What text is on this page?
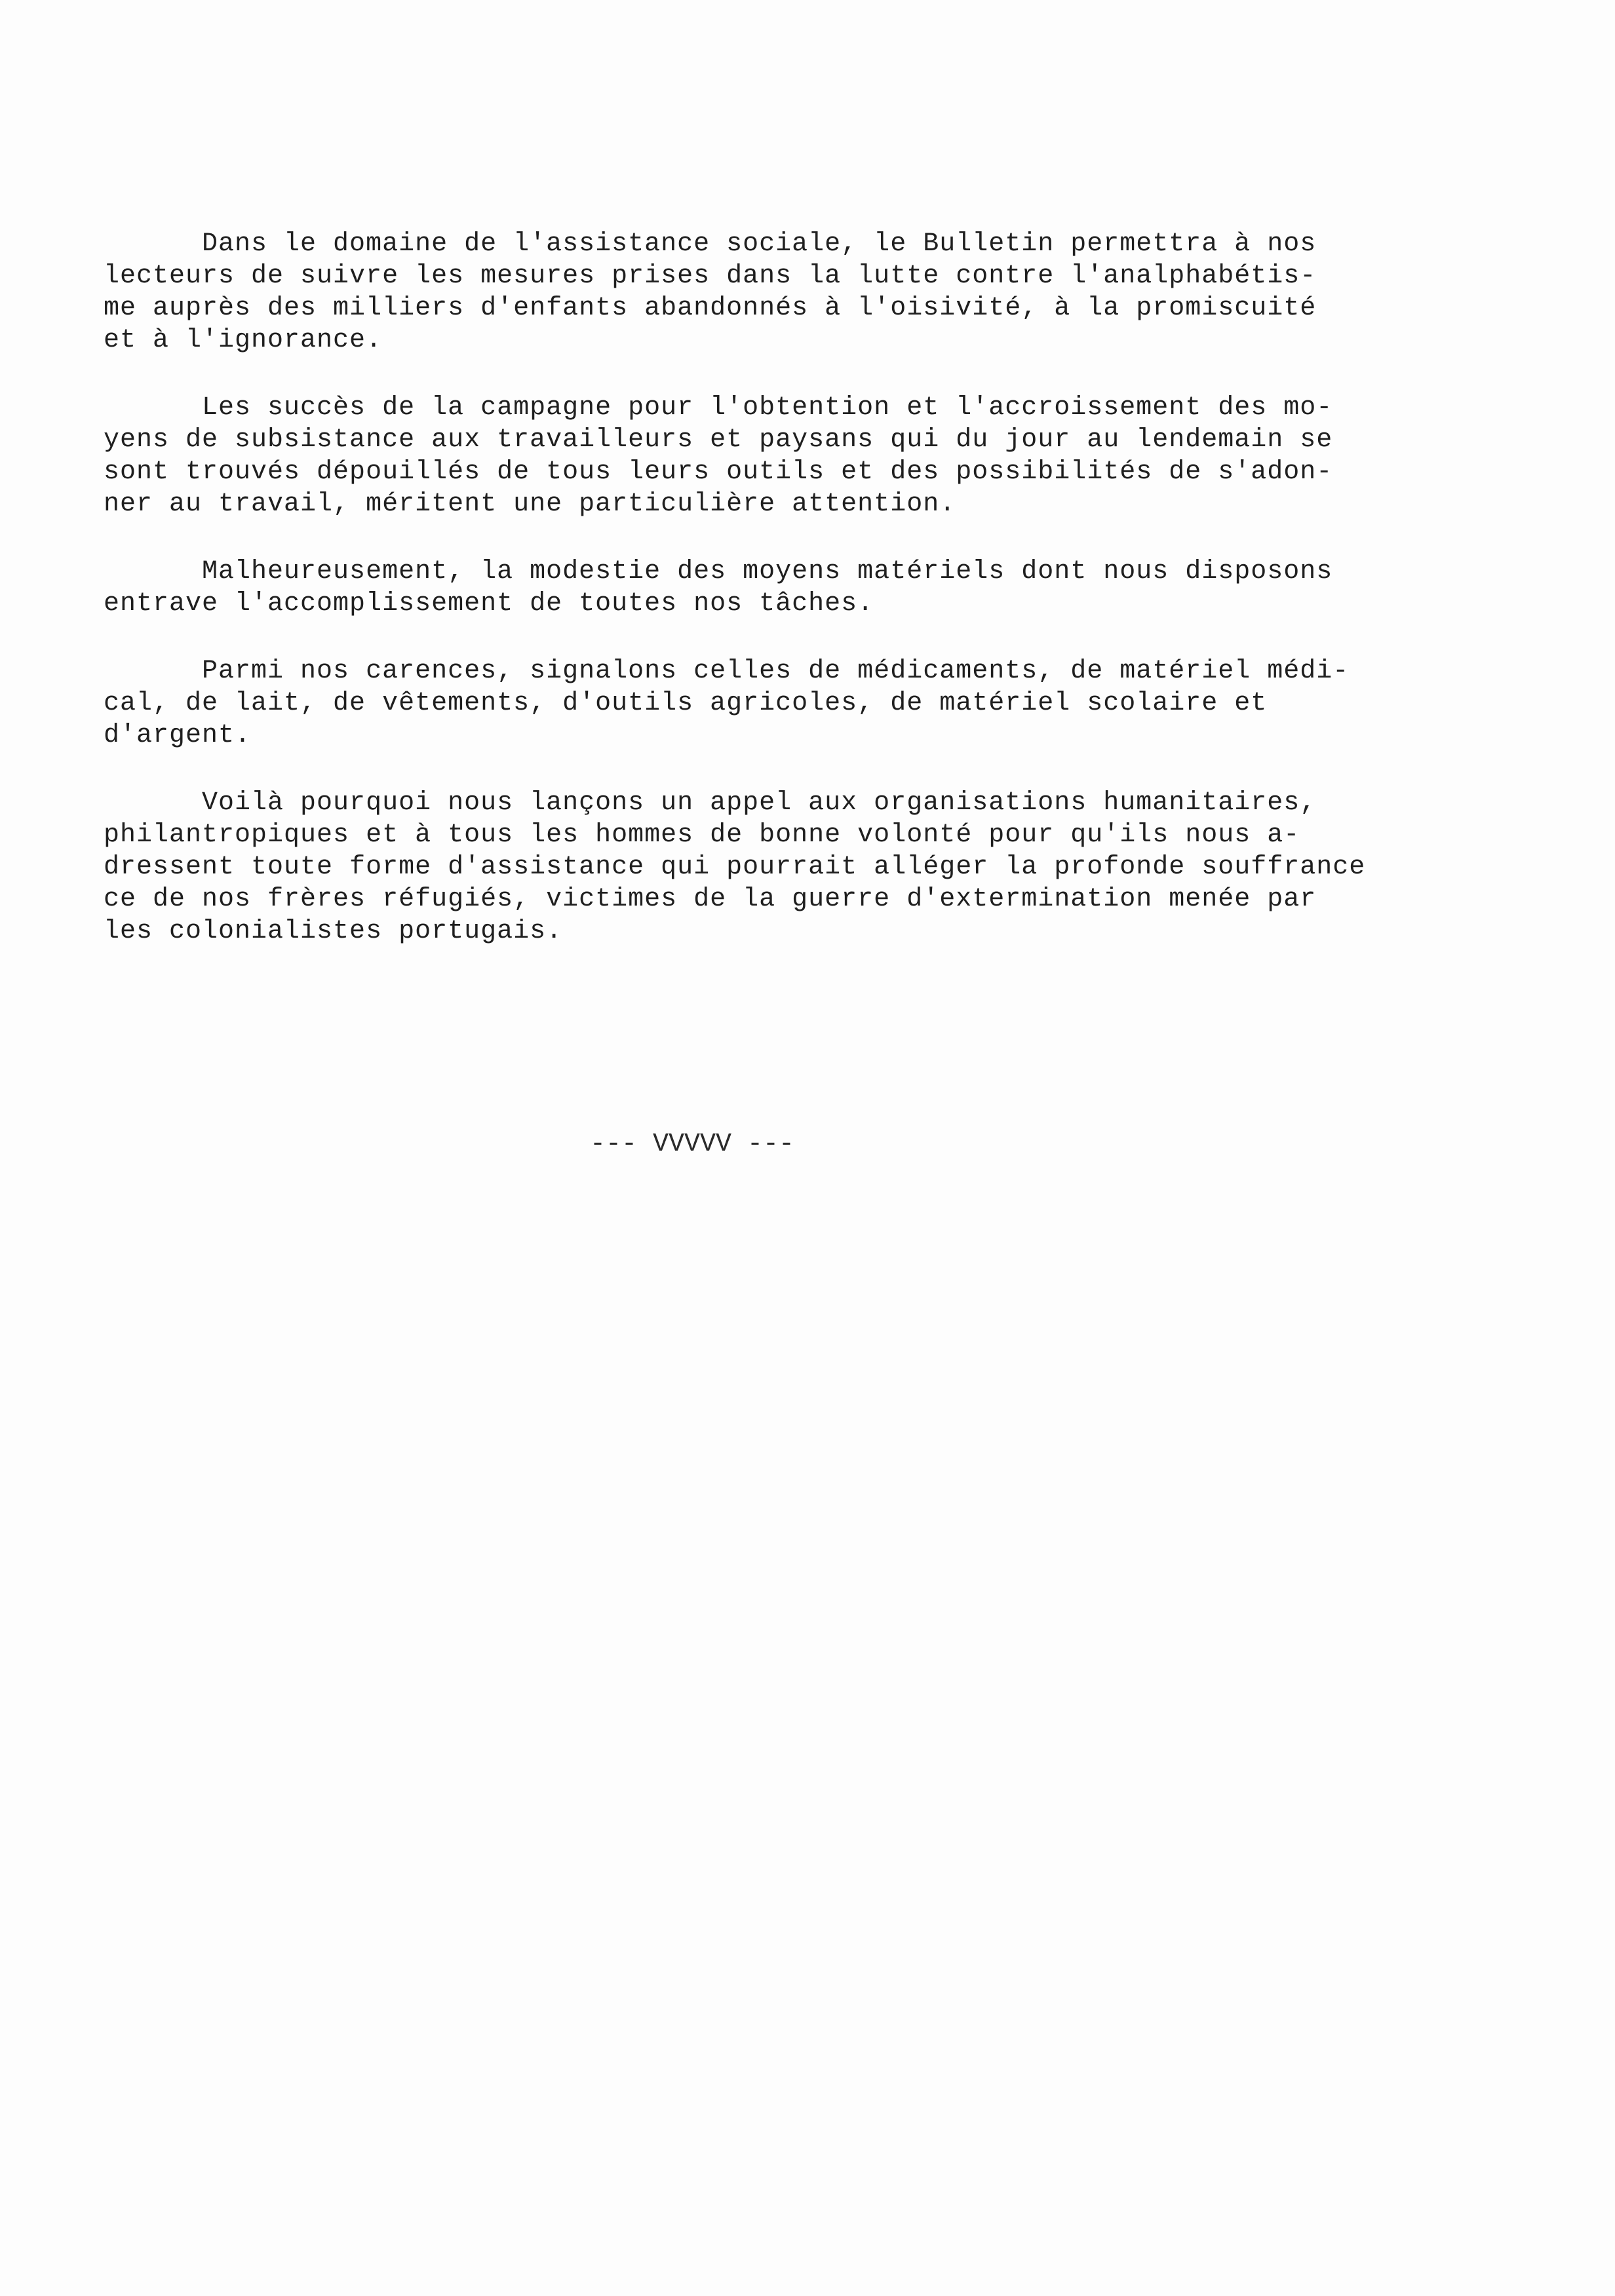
Dans le domaine de l'assistance sociale, le Bulletin permettra à nos
lecteurs de suivre les mesures prises dans la lutte contre l'analphabétis-
me auprès des milliers d'enfants abandonnés à l'oisivité, à la promiscuité
et à l'ignorance.
Les succès de la campagne pour l'obtention et l'accroissement des mo-
yens de subsistance aux travailleurs et paysans qui du jour au lendemain se
sont trouvés dépouillés de tous leurs outils et des possibilités de s'adon-
ner au travail, méritent une particulière attention.
Malheureusement, la modestie des moyens matériels dont nous disposons
entrave l'accomplissement de toutes nos tâches.
Parmi nos carences, signalons celles de médicaments, de matériel médi-
cal, de lait, de vêtements, d'outils agricoles, de matériel scolaire et
d'argent.
Voilà pourquoi nous lançons un appel aux organisations humanitaires,
philantropiques et à tous les hommes de bonne volonté pour qu'ils nous a-
dressent toute forme d'assistance qui pourrait alléger la profonde souffrance
ce de nos frères réfugiés, victimes de la guerre d'extermination menée par
les colonialistes portugais.
--- VVVVV ---
